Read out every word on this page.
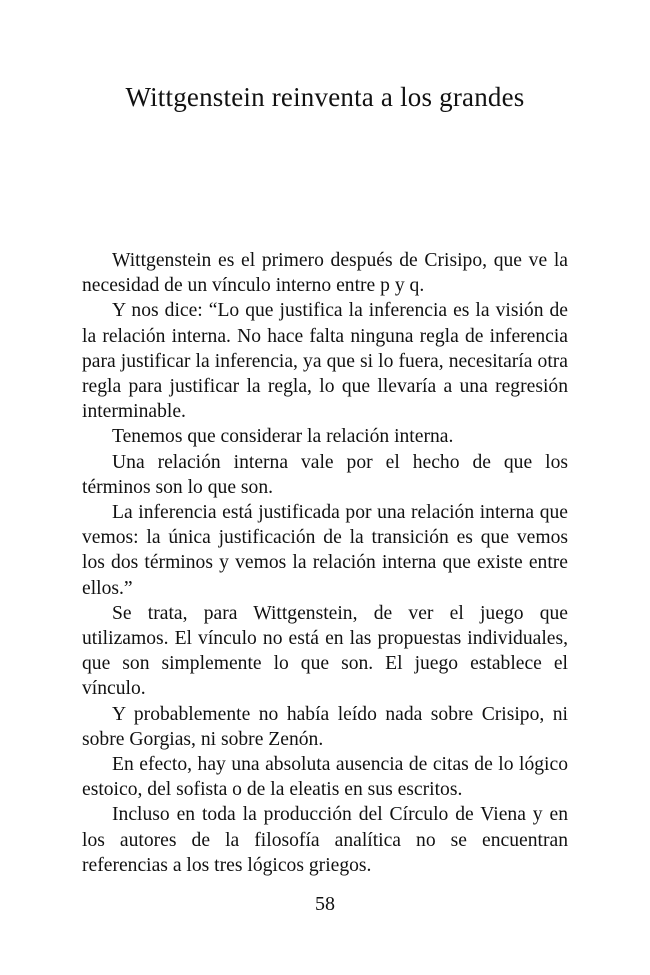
Wittgenstein reinventa a los grandes

Wittgenstein es el primero después de Crisipo, que ve la necesidad de un vínculo interno entre p y q.

Y nos dice: “Lo que justifica la inferencia es la visión de la relación interna. No hace falta ninguna regla de inferencia para justificar la inferencia, ya que si lo fuera, necesitaría otra regla para justificar la regla, lo que llevaría a una regresión interminable.

Tenemos que considerar la relación interna.

Una relación interna vale por el hecho de que los términos son lo que son.

La inferencia está justificada por una relación interna que vemos: la única justificación de la transición es que vemos los dos términos y vemos la relación interna que existe entre ellos.”

Se trata, para Wittgenstein, de ver el juego que utilizamos. El vínculo no está en las propuestas individuales, que son simplemente lo que son. El juego establece el vínculo.

Y probablemente no había leído nada sobre Crisipo, ni sobre Gorgias, ni sobre Zenón.

En efecto, hay una absoluta ausencia de citas de lo lógico estoico, del sofista o de la eleatis en sus escritos.

Incluso en toda la producción del Círculo de Viena y en los autores de la filosofía analítica no se encuentran referencias a los tres lógicos griegos.

58
